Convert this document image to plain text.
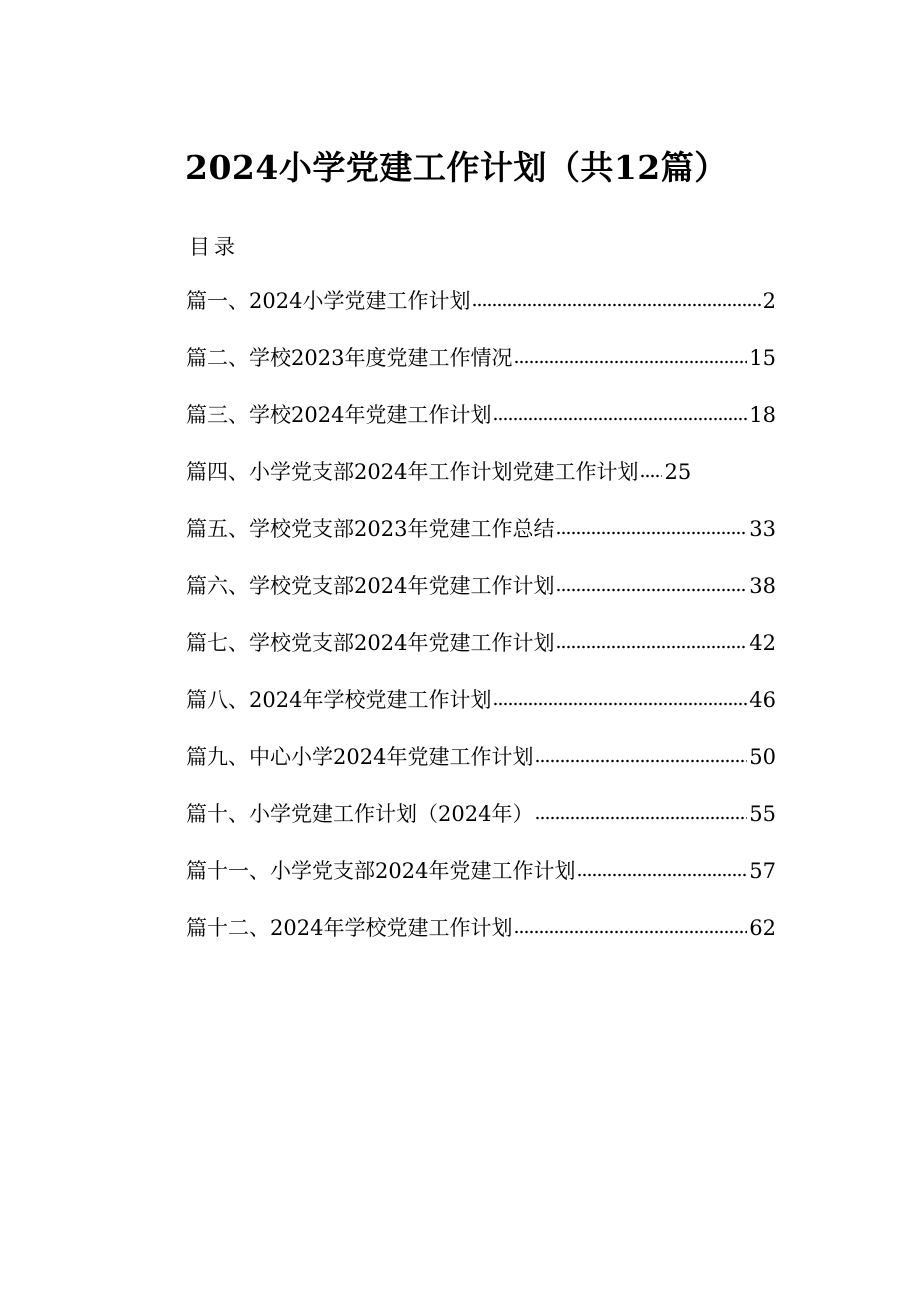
2024小学党建工作计划（共12篇）
目录
篇一、2024小学党建工作计划	2
篇二、学校2023年度党建工作情况	15
篇三、学校2024年党建工作计划	18
篇四、小学党支部2024年工作计划党建工作计划 25
篇五、学校党支部2023年党建工作总结	33
篇六、学校党支部2024年党建工作计划	38
篇七、学校党支部2024年党建工作计划	42
篇八、2024年学校党建工作计划	46
篇九、中心小学2024年党建工作计划	50
篇十、小学党建工作计划（2024年）	55
篇十一、小学党支部2024年党建工作计划	57
篇十二、2024年学校党建工作计划	62
